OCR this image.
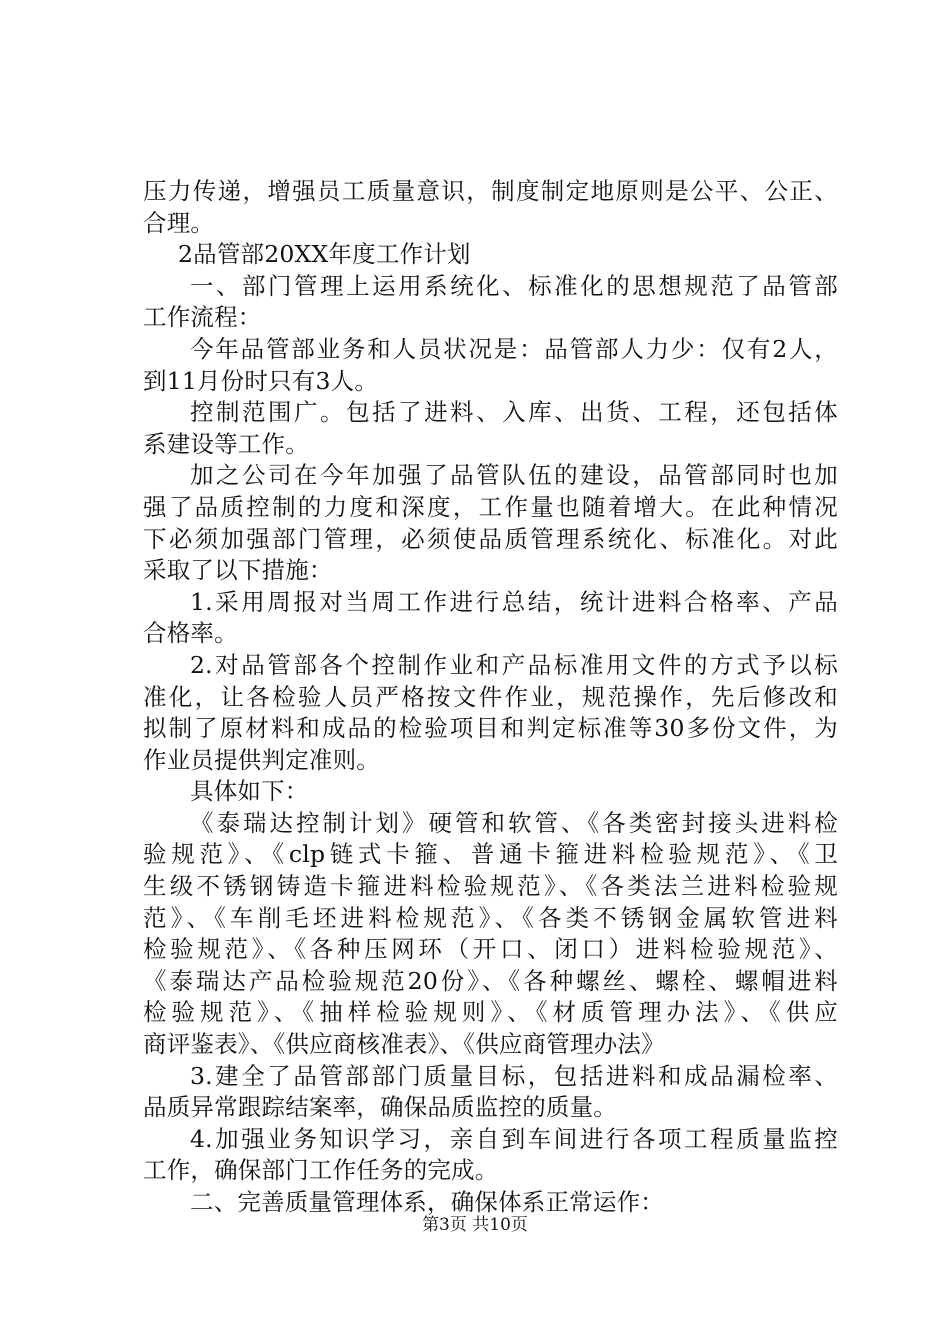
压力传递，增强员工质量意识，制度制定地原则是公平、公正、
合理。
2品管部20XX年度工作计划
一、部门管理上运用系统化、标准化的思想规范了品管部
工作流程：
今年品管部业务和人员状况是：品管部人力少：仅有2人，
到11月份时只有3人。
控制范围广。包括了进料、入库、出货、工程，还包括体
系建设等工作。
加之公司在今年加强了品管队伍的建设，品管部同时也加
强了品质控制的力度和深度，工作量也随着增大。在此种情况
下必须加强部门管理，必须使品质管理系统化、标准化。对此
采取了以下措施：
1.采用周报对当周工作进行总结，统计进料合格率、产品
合格率。
2.对品管部各个控制作业和产品标准用文件的方式予以标
准化，让各检验人员严格按文件作业，规范操作，先后修改和
拟制了原材料和成品的检验项目和判定标准等30多份文件，为
作业员提供判定准则。
具体如下：
《泰瑞达控制计划》硬管和软管、《各类密封接头进料检
验规范》、《clp链式卡箍、普通卡箍进料检验规范》、《卫
生级不锈钢铸造卡箍进料检验规范》、《各类法兰进料检验规
范》、《车削毛坯进料检规范》、《各类不锈钢金属软管进料
检验规范》、《各种压网环（开口、闭口）进料检验规范》、
《泰瑞达产品检验规范20份》、《各种螺丝、螺栓、螺帽进料
检验规范》、《抽样检验规则》、《材质管理办法》、《供应
商评鉴表》、《供应商核准表》、《供应商管理办法》
3.建全了品管部部门质量目标，包括进料和成品漏检率、
品质异常跟踪结案率，确保品质监控的质量。
4.加强业务知识学习，亲自到车间进行各项工程质量监控
工作，确保部门工作任务的完成。
二、完善质量管理体系，确保体系正常运作：
第3页 共10页
